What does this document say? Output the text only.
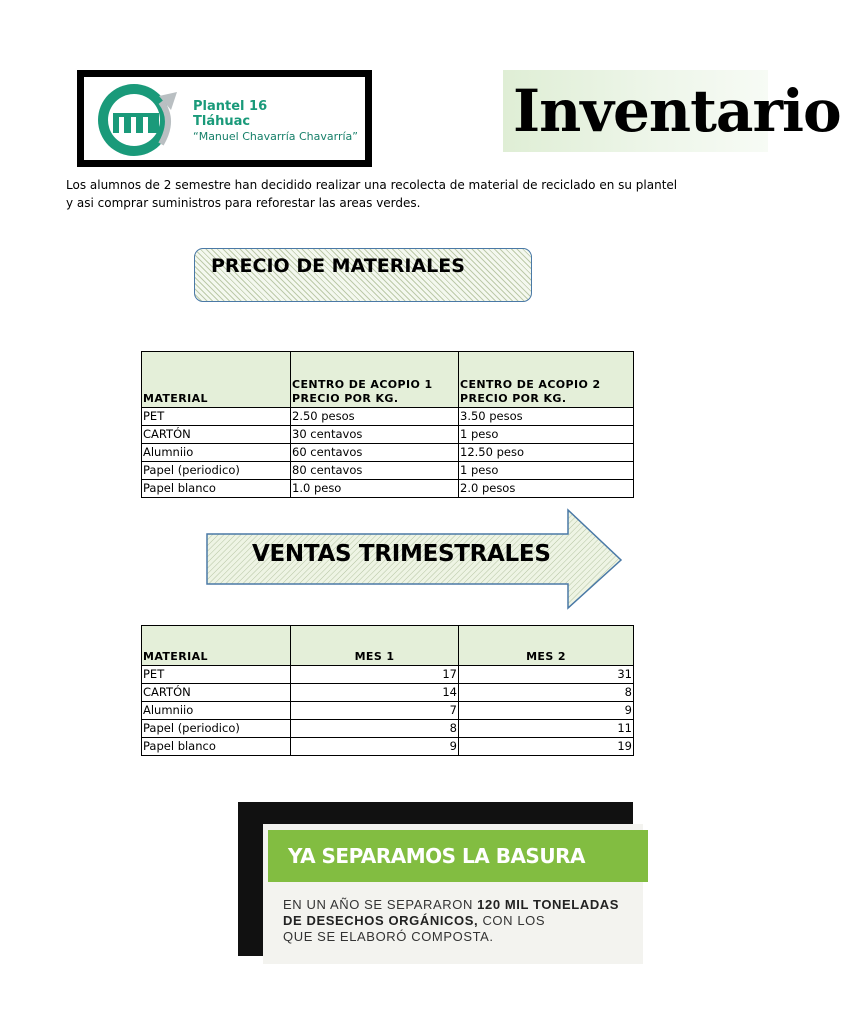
Plantel 16
Tláhuac
“Manuel Chavarría Chavarría”	Inventario
Los alumnos de 2 semestre han decidido realizar una recolecta de material de reciclado en su plantel
y asi comprar suministros para reforestar las areas verdes.
PRECIO DE MATERIALES
MATERIAL	CENTRO DE ACOPIO 1 PRECIO POR KG.	CENTRO DE ACOPIO 2 PRECIO POR KG.
PET	2.50 pesos	3.50 pesos
CARTÓN	30 centavos	1 peso
Alumniio	60 centavos	12.50 peso
Papel (periodico)	80 centavos	1 peso
Papel blanco	1.0 peso	2.0 pesos
VENTAS TRIMESTRALES
MATERIAL	MES 1	MES 2
PET	17	31
CARTÓN	14	8
Alumniio	7	9
Papel (periodico)	8	11
Papel blanco	9	19
YA SEPARAMOS LA BASURA
EN UN AÑO SE SEPARARON 120 MIL TONELADAS
DE DESECHOS ORGÁNICOS, CON LOS
QUE SE ELABORÓ COMPOSTA.
